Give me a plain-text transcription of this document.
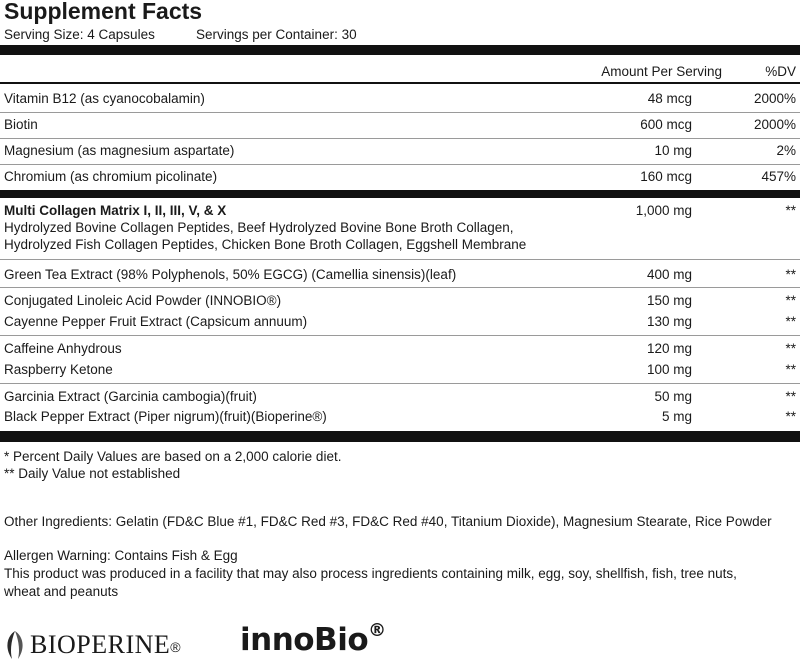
Supplement Facts
Serving Size: 4 Capsules	Servings per Container: 30
Amount Per Serving	%DV
Vitamin B12 (as cyanocobalamin)	48 mcg	2000%
Biotin	600 mcg	2000%
Magnesium (as magnesium aspartate)	10 mg	2%
Chromium (as chromium picolinate)	160 mcg	457%
Multi Collagen Matrix I, II, III, V, & X	1,000 mg	**
Hydrolyzed Bovine Collagen Peptides, Beef Hydrolyzed Bovine Bone Broth Collagen,
Hydrolyzed Fish Collagen Peptides, Chicken Bone Broth Collagen, Eggshell Membrane
Green Tea Extract (98% Polyphenols, 50% EGCG) (Camellia sinensis)(leaf)	400 mg	**
Conjugated Linoleic Acid Powder (INNOBIO®)	150 mg	**
Cayenne Pepper Fruit Extract (Capsicum annuum)	130 mg	**
Caffeine Anhydrous	120 mg	**
Raspberry Ketone	100 mg	**
Garcinia Extract (Garcinia cambogia)(fruit)	50 mg	**
Black Pepper Extract (Piper nigrum)(fruit)(Bioperine®)	5 mg	**
* Percent Daily Values are based on a 2,000 calorie diet.
** Daily Value not established
Other Ingredients: Gelatin (FD&C Blue #1, FD&C Red #3, FD&C Red #40, Titanium Dioxide), Magnesium Stearate, Rice Powder
Allergen Warning: Contains Fish & Egg
This product was produced in a facility that may also process ingredients containing milk, egg, soy, shellfish, fish, tree nuts,
wheat and peanuts
BIOPERINE ® innoBio®
